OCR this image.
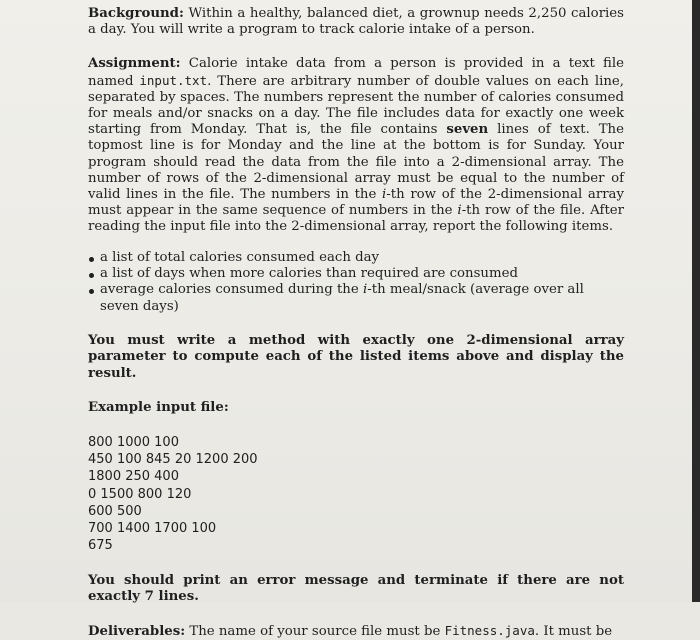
Background: Within a healthy, balanced diet, a grownup needs 2,250 calories a day. You will write a program to track calorie intake of a person.

Assignment: Calorie intake data from a person is provided in a text file named input.txt. There are arbitrary number of double values on each line, separated by spaces. The numbers represent the number of calories consumed for meals and/or snacks on a day. The file includes data for exactly one week starting from Monday. That is, the file contains seven lines of text. The topmost line is for Monday and the line at the bottom is for Sunday. Your program should read the data from the file into a 2-dimensional array. The number of rows of the 2-dimensional array must be equal to the number of valid lines in the file. The numbers in the i-th row of the 2-dimensional array must appear in the same sequence of numbers in the i-th row of the file. After reading the input file into the 2-dimensional array, report the following items.

a list of total calories consumed each day
a list of days when more calories than required are consumed
average calories consumed during the i-th meal/snack (average over all seven days)

You must write a method with exactly one 2-dimensional array parameter to compute each of the listed items above and display the result.

Example input file:

800 1000 100
450 100 845 20 1200 200
1800 250 400
0 1500 800 120
600 500
700 1400 1700 100
675

You should print an error message and terminate if there are not exactly 7 lines.

Deliverables: The name of your source file must be Fitness.java. It must be
